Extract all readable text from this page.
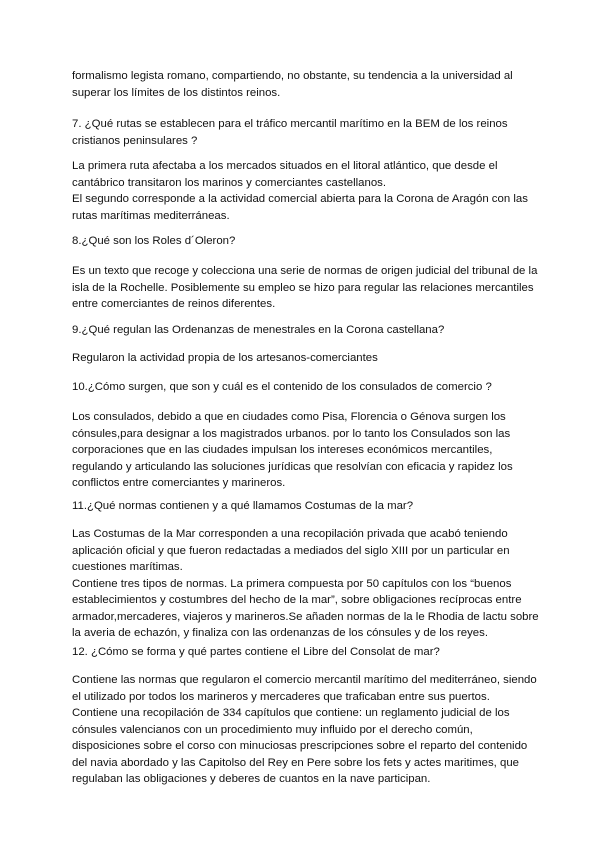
formalismo legista romano, compartiendo, no obstante, su tendencia a la universidad al
superar los límites de los distintos reinos.

7. ¿Qué rutas se establecen para el tráfico mercantil marítimo en la BEM de los reinos
cristianos peninsulares ?

La primera ruta afectaba a los mercados situados en el litoral atlántico, que desde el
cantábrico transitaron los marinos y comerciantes castellanos.
El segundo corresponde a la actividad comercial abierta para la Corona de Aragón con las
rutas marítimas mediterráneas.

8.¿Qué son los Roles d´Oleron?

Es un texto que recoge y colecciona una serie de normas de origen judicial del tribunal de la
isla de la Rochelle. Posiblemente su empleo se hizo para regular las relaciones mercantiles
entre comerciantes de reinos diferentes.

9.¿Qué regulan las Ordenanzas de menestrales en la Corona castellana?

Regularon la actividad propia de los artesanos-comerciantes

10.¿Cómo surgen, que son y cuál es el contenido de los consulados de comercio ?

Los consulados, debido a que en ciudades como Pisa, Florencia o Génova surgen los
cónsules,para designar a los magistrados urbanos. por lo tanto los Consulados son las
corporaciones que en las ciudades impulsan los intereses económicos mercantiles,
regulando y articulando las soluciones jurídicas que resolvían con eficacia y rapidez los
conflictos entre comerciantes y marineros.

11.¿Qué normas contienen y a qué llamamos Costumas de la mar?

Las Costumas de la Mar corresponden a una recopilación privada que acabó teniendo
aplicación oficial y que fueron redactadas a mediados del siglo XIII por un particular en
cuestiones marítimas.
Contiene tres tipos de normas. La primera compuesta por 50 capítulos con los “buenos
establecimientos y costumbres del hecho de la mar”, sobre obligaciones recíprocas entre
armador,mercaderes, viajeros y marineros.Se añaden normas de la le Rhodia de lactu sobre
la averia de echazón, y finaliza con las ordenanzas de los cónsules y de los reyes.

12. ¿Cómo se forma y qué partes contiene el Libre del Consolat de mar?

Contiene las normas que regularon el comercio mercantil marítimo del mediterráneo, siendo
el utilizado por todos los marineros y mercaderes que traficaban entre sus puertos.
Contiene una recopilación de 334 capítulos que contiene: un reglamento judicial de los
cónsules valencianos con un procedimiento muy influido por el derecho común,
disposiciones sobre el corso con minuciosas prescripciones sobre el reparto del contenido
del navia abordado y las Capitolso del Rey en Pere sobre los fets y actes maritimes, que
regulaban las obligaciones y deberes de cuantos en la nave participan.
